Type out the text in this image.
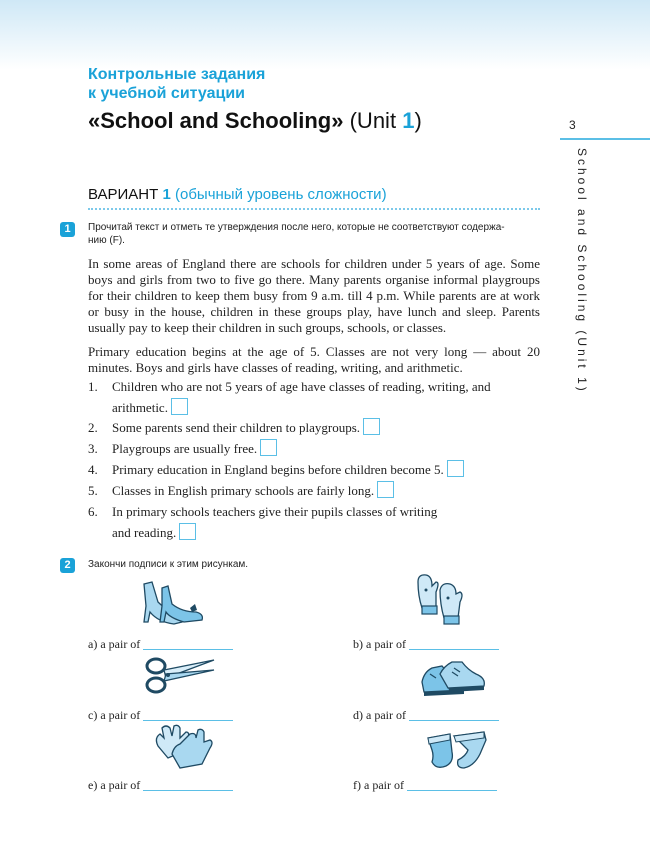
Контрольные задания
к учебной ситуации
«School and Schooling» (Unit 1)	3
School and Schooling (Unit 1)
ВАРИАНТ 1 (обычный уровень сложности)
1	Прочитай текст и отметь те утверждения после него, которые не соответствуют содержа-
нию (F).

In some areas of England there are schools for children under 5 years of age. Some boys and girls from two to five go there. Many parents organise informal playgroups for their children to keep them busy from 9 a.m. till 4 p.m. While parents are at work or busy in the house, children in these groups play, have lunch and sleep. Parents usually pay to keep their children in such groups, schools, or classes.

Primary education begins at the age of 5. Classes are not very long — about 20 minutes. Boys and girls have classes of reading, writing, and arithmetic.

1. Children who are not 5 years of age have classes of reading, writing, and
arithmetic.
2. Some parents send their children to playgroups.
3. Playgroups are usually free.
4. Primary education in England begins before children become 5.
5. Classes in English primary schools are fairly long.
6. In primary schools teachers give their pupils classes of writing
and reading.
2	Закончи подписи к этим рисункам.
a) a pair of	b) a pair of
c) a pair of	d) a pair of
e) a pair of	f) a pair of
